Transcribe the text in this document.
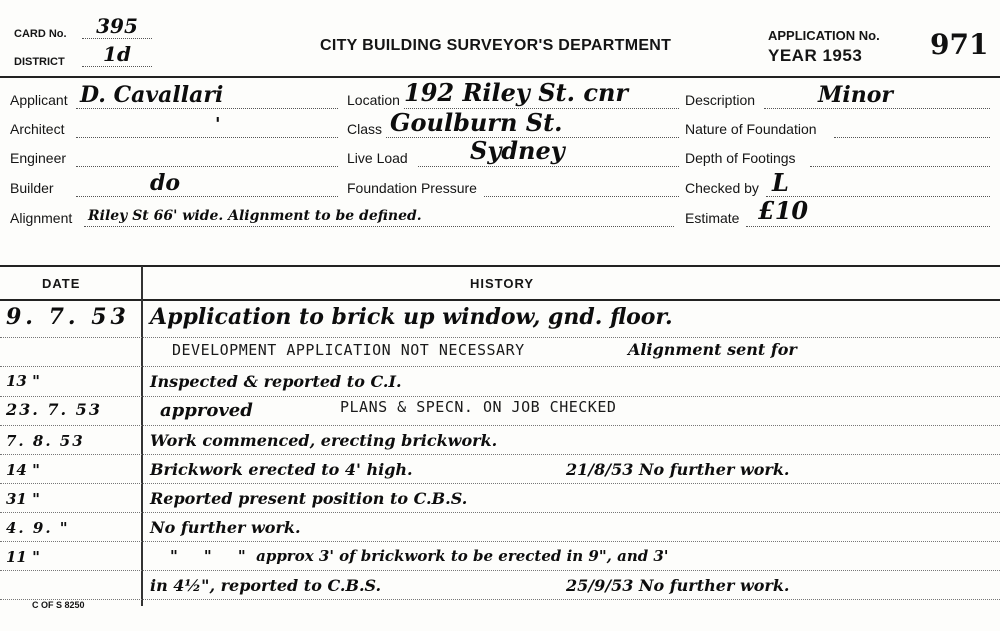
CARD No.	395
DISTRICT	1d	CITY BUILDING SURVEYOR'S DEPARTMENT
APPLICATION No.
YEAR 1953 971
Applicant D. Cavallari
Architect	'
Engineer
Builder	do
Alignment Riley St 66' wide. Alignment to be defined.
Location 192 Riley St. cnr
Class Goulburn St.
Live Load	Sydney
Foundation Pressure
Description	Minor
Nature of Foundation
Depth of Footings
Checked by L
Estimate £10
DATE	HISTORY
9. 7. 53 Application to brick up window, gnd. floor.
DEVELOPMENT APPLICATION NOT NECESSARY	Alignment sent for
13 "	Inspected & reported to C.I.
23. 7. 53	approved	PLANS & SPECN. ON JOB CHECKED
7. 8. 53	Work commenced, erecting brickwork.
14 "	Brickwork erected to 4' high.	21/8/53 No further work.
31 "	Reported present position to C.B.S.
4. 9. "	No further work.
11 "	"     "     "  approx 3' of brickwork to be erected in 9", and 3'
in 4½", reported to C.B.S.	25/9/53 No further work.
C OF S 8250
